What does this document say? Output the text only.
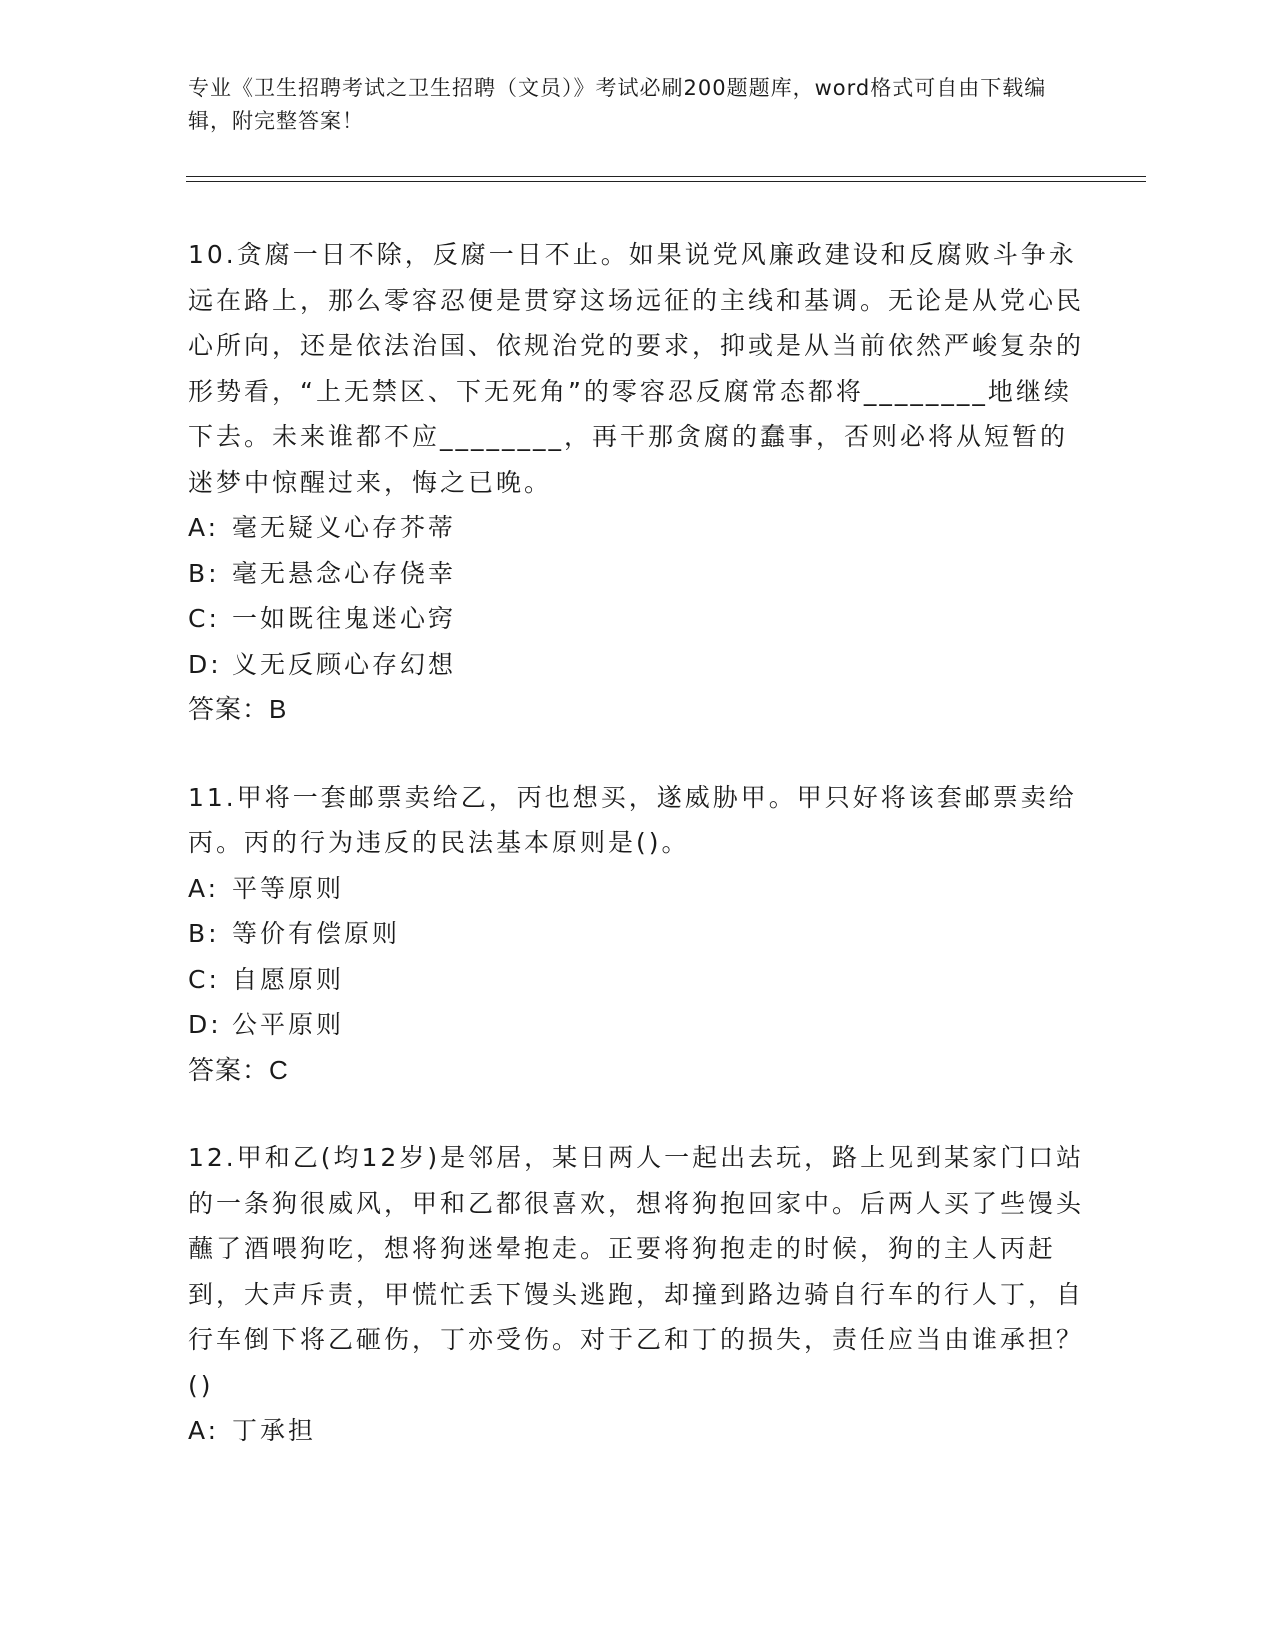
专业《卫生招聘考试之卫生招聘（文员）》考试必刷200题题库，word格式可自由下载编辑，附完整答案！

10.贪腐一日不除，反腐一日不止。如果说党风廉政建设和反腐败斗争永远在路上，那么零容忍便是贯穿这场远征的主线和基调。无论是从党心民心所向，还是依法治国、依规治党的要求，抑或是从当前依然严峻复杂的形势看，“上无禁区、下无死角”的零容忍反腐常态都将________地继续下去。未来谁都不应________，再干那贪腐的蠢事，否则必将从短暂的迷梦中惊醒过来，悔之已晚。

A: 毫无疑义心存芥蒂

B: 毫无悬念心存侥幸

C: 一如既往鬼迷心窍

D: 义无反顾心存幻想

答案：B

11.甲将一套邮票卖给乙，丙也想买，遂威胁甲。甲只好将该套邮票卖给丙。丙的行为违反的民法基本原则是()。

A: 平等原则

B: 等价有偿原则

C: 自愿原则

D: 公平原则

答案：C

12.甲和乙(均12岁)是邻居，某日两人一起出去玩，路上见到某家门口站的一条狗很威风，甲和乙都很喜欢，想将狗抱回家中。后两人买了些馒头蘸了酒喂狗吃，想将狗迷晕抱走。正要将狗抱走的时候，狗的主人丙赶到，大声斥责，甲慌忙丢下馒头逃跑，却撞到路边骑自行车的行人丁，自行车倒下将乙砸伤，丁亦受伤。对于乙和丁的损失，责任应当由谁承担？()

A: 丁承担
